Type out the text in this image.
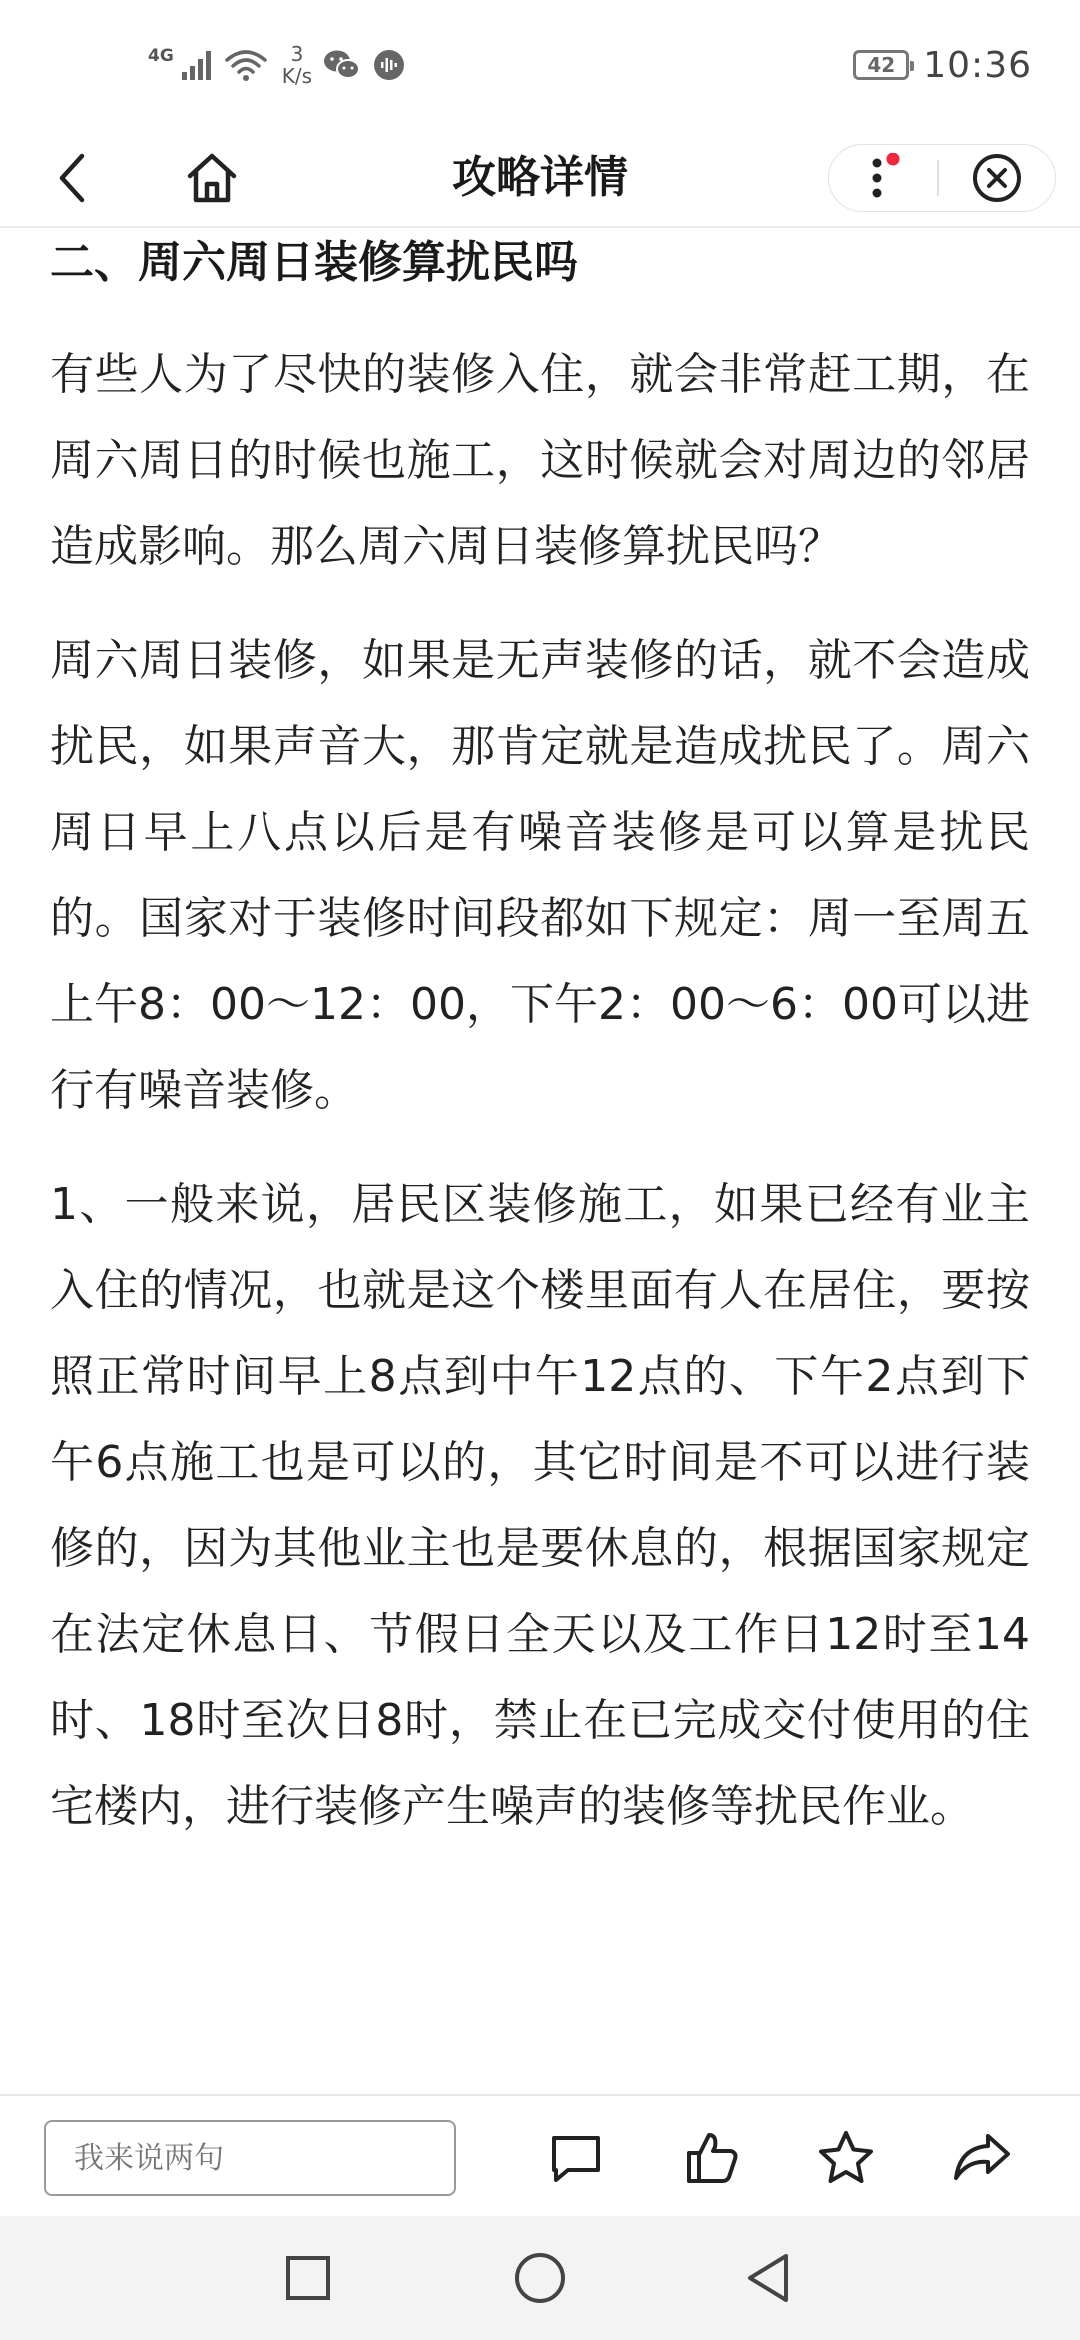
4G	3
K/s	42 10:36
攻略详情
二、周六周日装修算扰民吗

有些人为了尽快的装修入住，就会非常赶工期，在周六周日的时候也施工，这时候就会对周边的邻居造成影响。那么周六周日装修算扰民吗？

周六周日装修，如果是无声装修的话，就不会造成扰民，如果声音大，那肯定就是造成扰民了。周六周日早上八点以后是有噪音装修是可以算是扰民的。国家对于装修时间段都如下规定：周一至周五上午8：00～12：00，下午2：00～6：00可以进行有噪音装修。

1、一般来说，居民区装修施工，如果已经有业主入住的情况，也就是这个楼里面有人在居住，要按照正常时间早上8点到中午12点的、下午2点到下午6点施工也是可以的，其它时间是不可以进行装修的，因为其他业主也是要休息的，根据国家规定在法定休息日、节假日全天以及工作日12时至14时、18时至次日8时，禁止在已完成交付使用的住宅楼内，进行装修产生噪声的装修等扰民作业。

我来说两句
